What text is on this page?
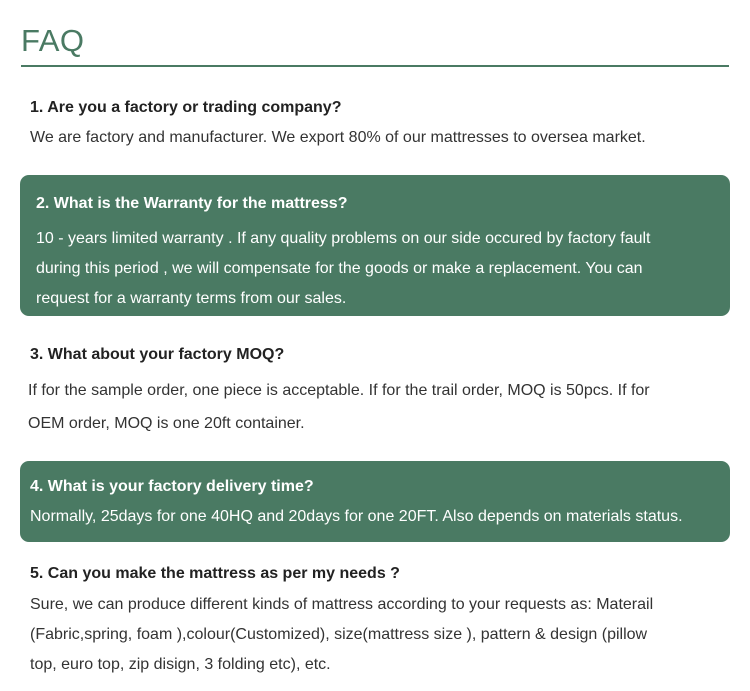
FAQ
1. Are you a factory or trading company?
We are factory and manufacturer. We export 80% of our mattresses to oversea market.
2. What is the Warranty for the mattress?
10 - years limited warranty . If any quality problems on our side occured by factory fault
during this period , we will compensate for the goods or make a replacement. You can
request for a warranty terms from our sales.
3. What about your factory MOQ?
If for the sample order, one piece is acceptable. If for the trail order, MOQ is 50pcs. If for
OEM order, MOQ is one 20ft container.
4. What is your factory delivery time?
Normally, 25days for one 40HQ and 20days for one 20FT. Also depends on materials status.
5. Can you make the mattress as per my needs ?
Sure, we can produce different kinds of mattress according to your requests as: Materail
(Fabric,spring, foam ),colour(Customized), size(mattress size ), pattern & design (pillow
top, euro top, zip disign, 3 folding etc), etc.
